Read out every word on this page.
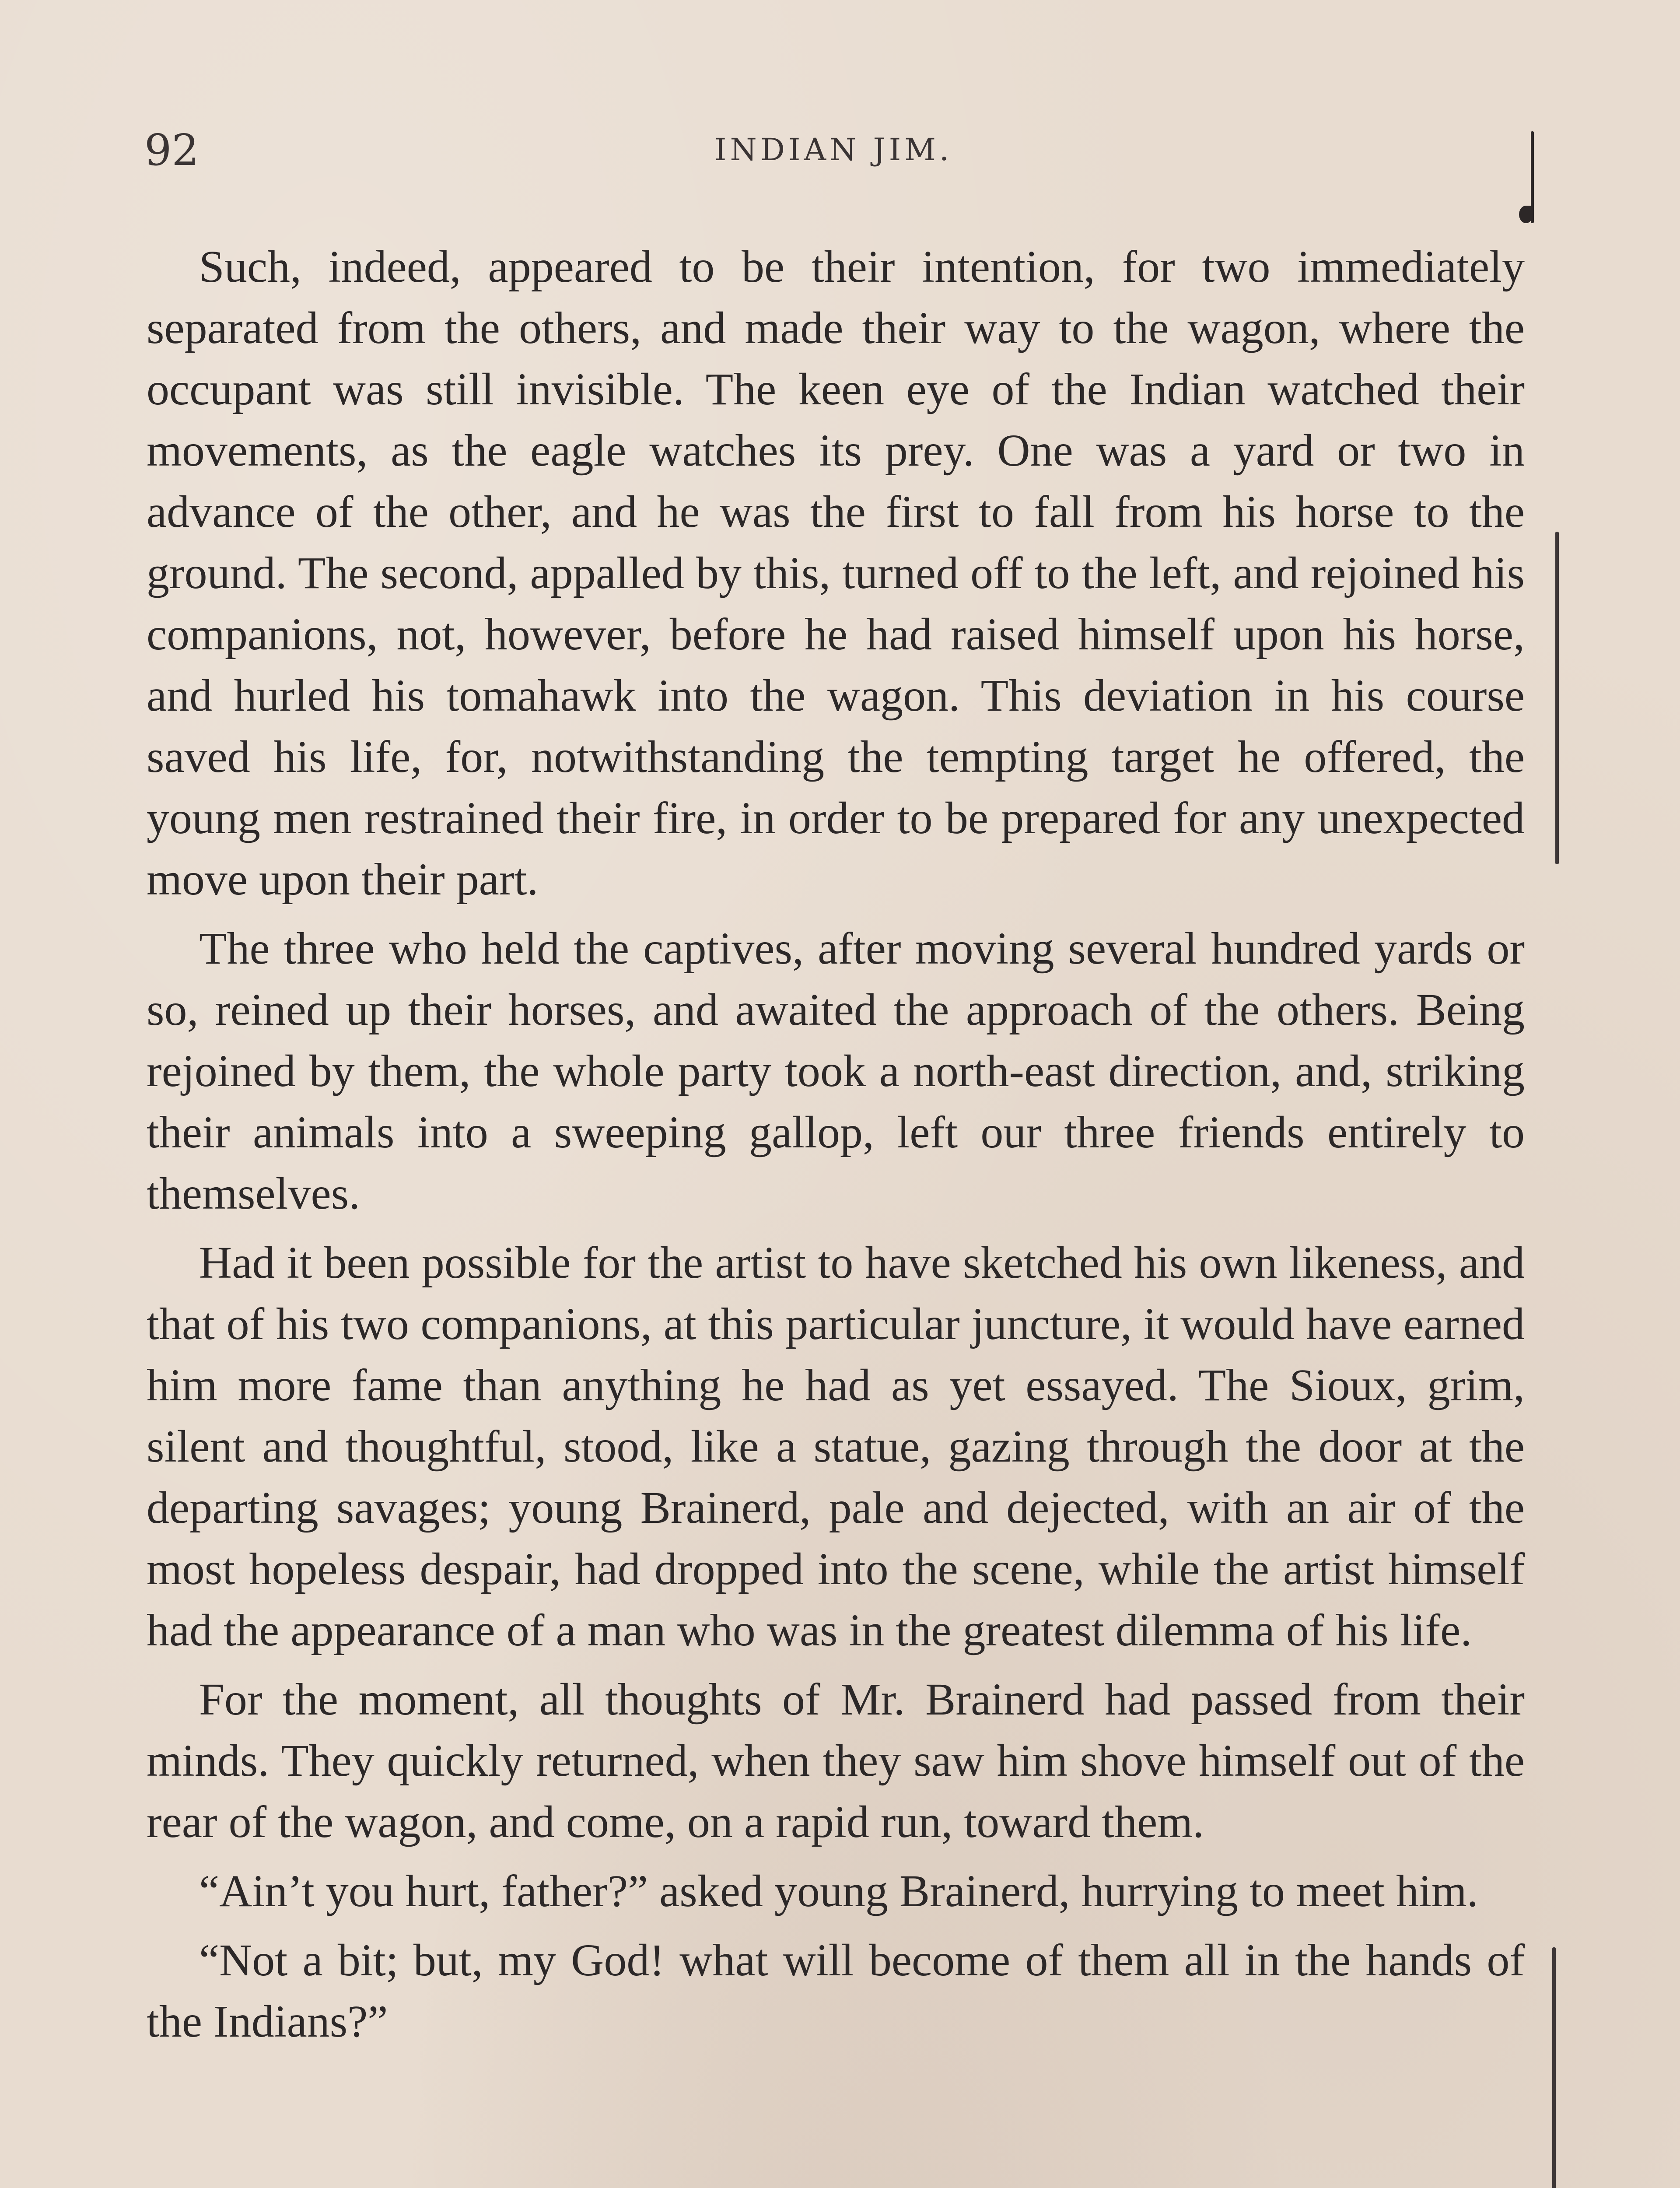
92	INDIAN JIM.

Such, indeed, appeared to be their intention, for two immediately separated from the others, and made their way to the wagon, where the occupant was still invisible. The keen eye of the Indian watched their movements, as the eagle watches its prey. One was a yard or two in advance of the other, and he was the first to fall from his horse to the ground. The second, appalled by this, turned off to the left, and rejoined his companions, not, however, before he had raised himself upon his horse, and hurled his tomahawk into the wagon. This deviation in his course saved his life, for, notwithstanding the tempting target he offered, the young men restrained their fire, in order to be prepared for any unexpected move upon their part.

The three who held the captives, after moving several hundred yards or so, reined up their horses, and awaited the approach of the others. Being rejoined by them, the whole party took a north-east direction, and, striking their animals into a sweeping gallop, left our three friends entirely to themselves.

Had it been possible for the artist to have sketched his own likeness, and that of his two companions, at this particular juncture, it would have earned him more fame than anything he had as yet essayed. The Sioux, grim, silent and thoughtful, stood, like a statue, gazing through the door at the departing savages; young Brainerd, pale and dejected, with an air of the most hopeless despair, had dropped into the scene, while the artist himself had the appearance of a man who was in the greatest dilemma of his life.

For the moment, all thoughts of Mr. Brainerd had passed from their minds. They quickly returned, when they saw him shove himself out of the rear of the wagon, and come, on a rapid run, toward them.

“Ain’t you hurt, father?” asked young Brainerd, hurrying to meet him.

“Not a bit; but, my God! what will become of them all in the hands of the Indians?”
